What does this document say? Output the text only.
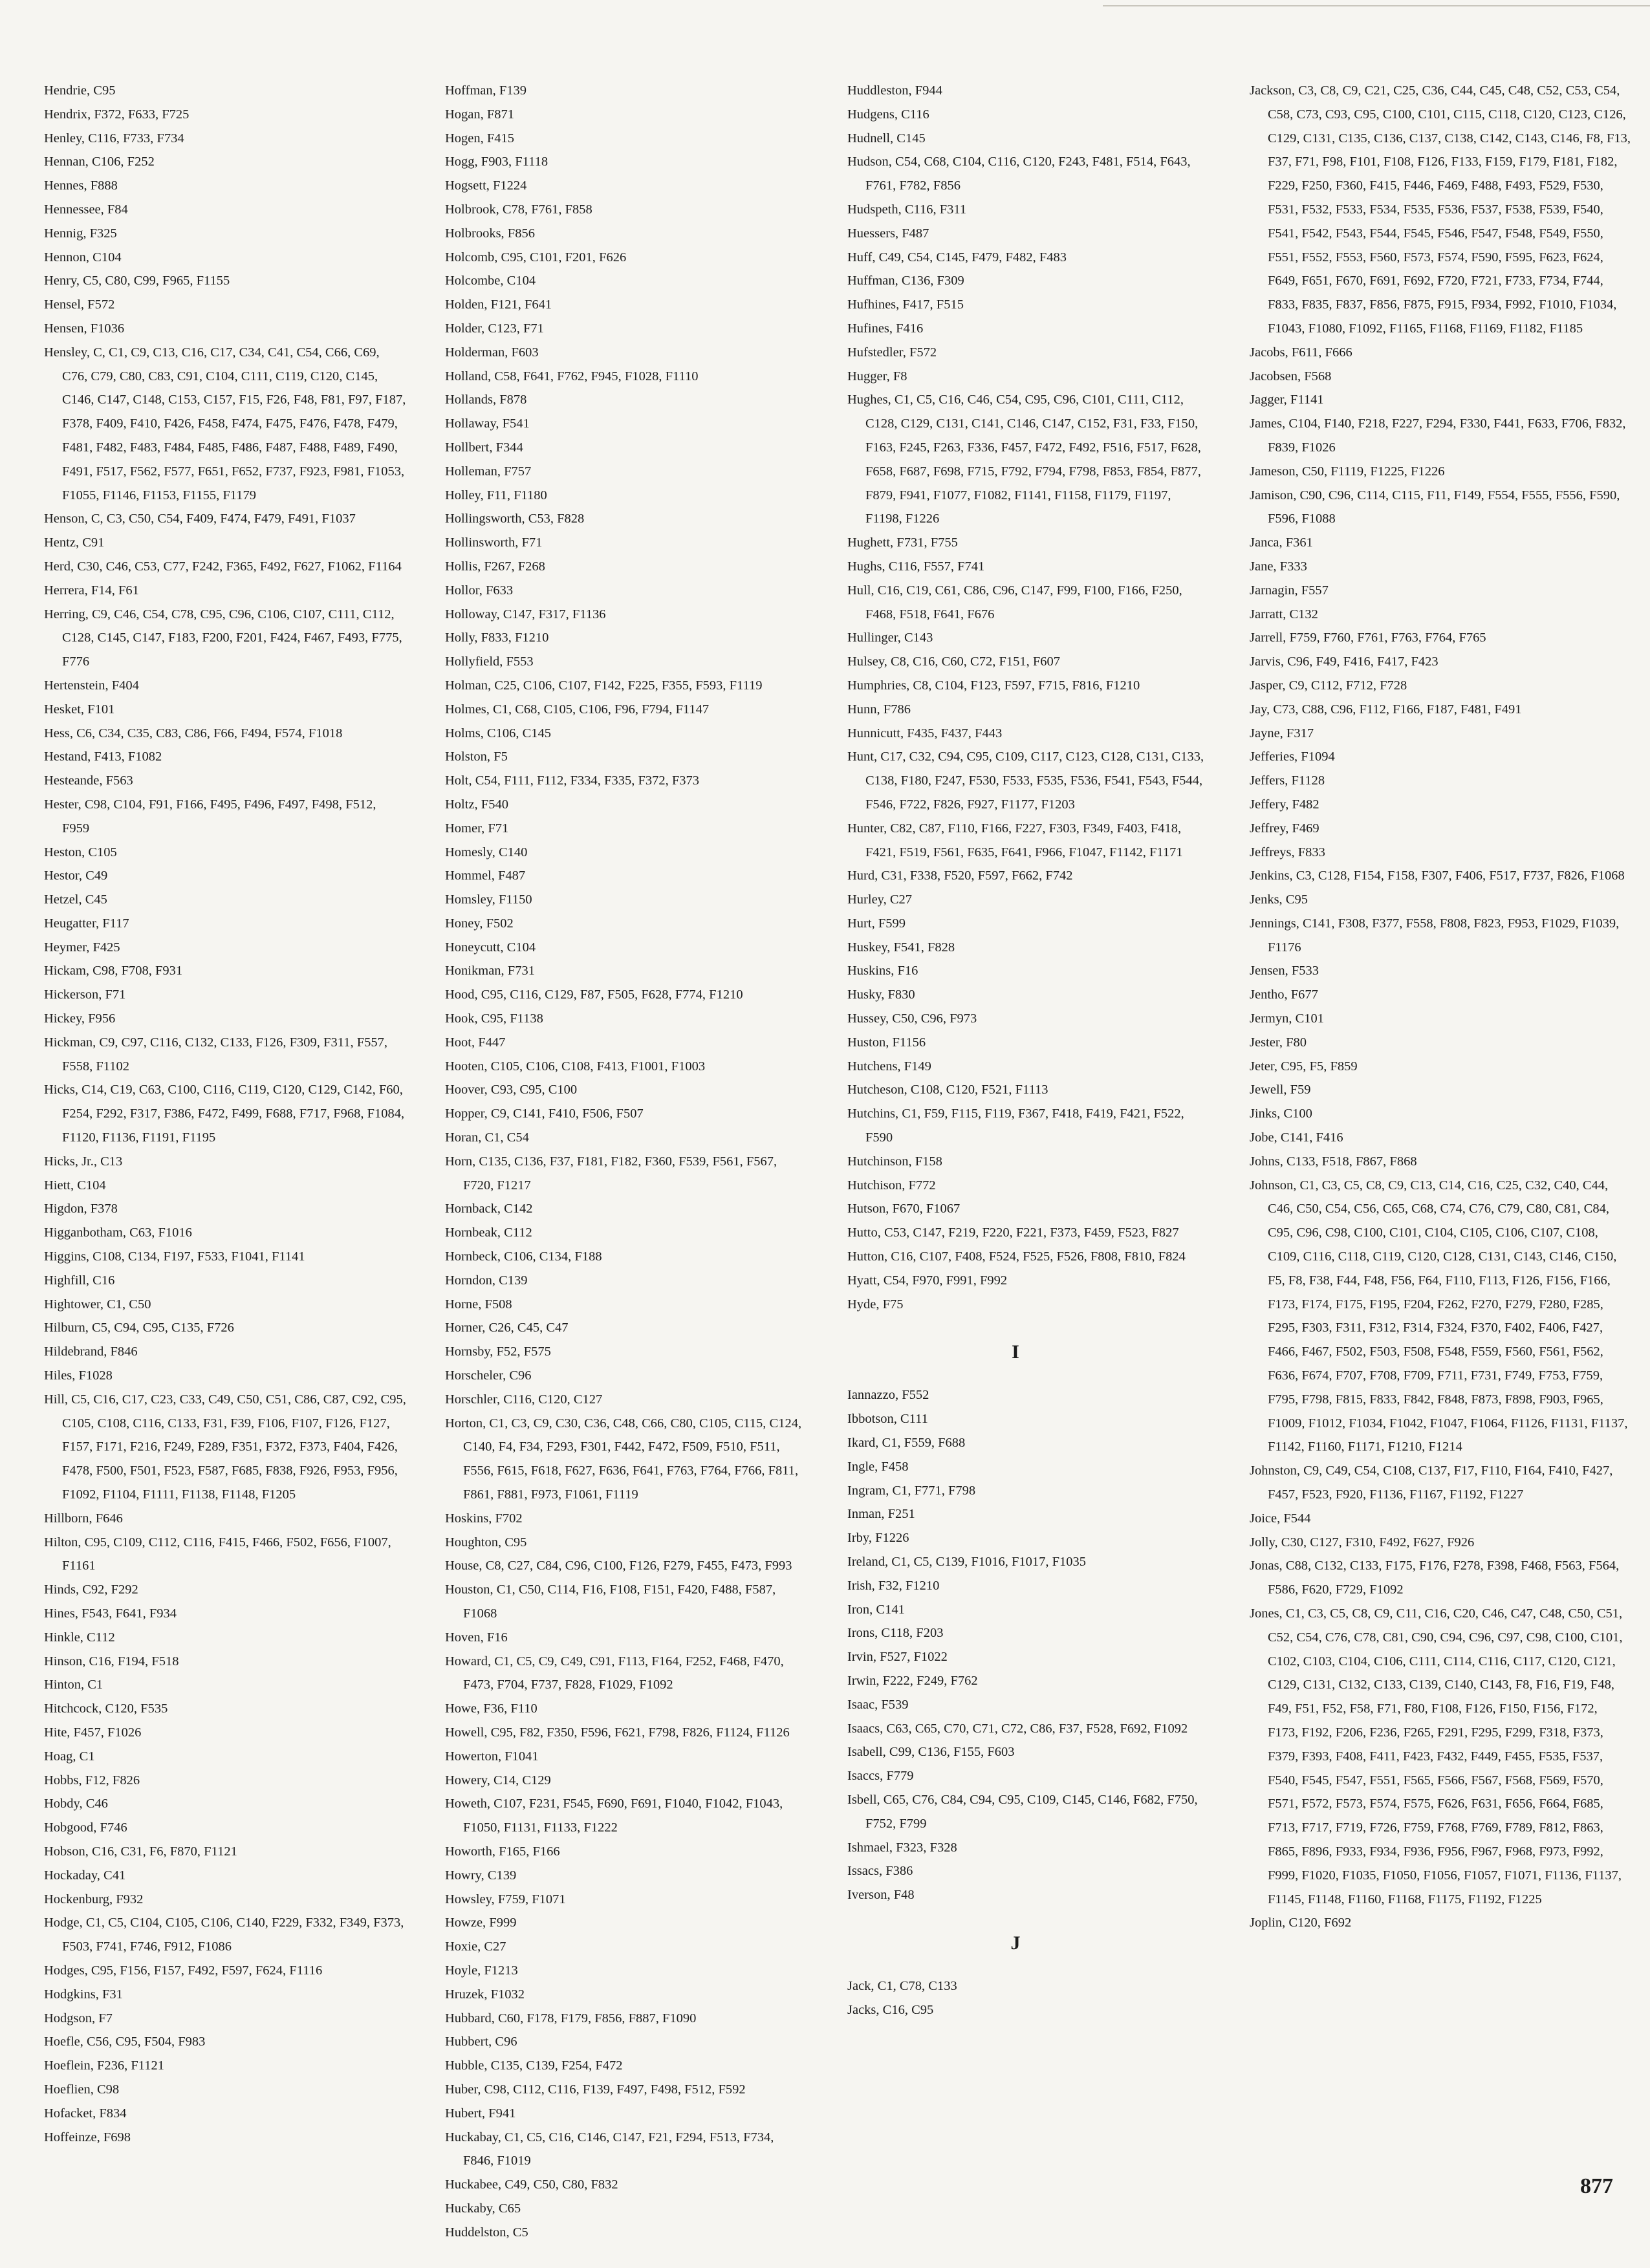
Hendrie, C95
Hendrix, F372, F633, F725
Henley, C116, F733, F734
Hennan, C106, F252
Hennes, F888
Hennessee, F84
Hennig, F325
Hennon, C104
Henry, C5, C80, C99, F965, F1155
Hensel, F572
Hensen, F1036
Hensley, C, C1, C9, C13, C16, C17, C34, C41, C54, C66, C69, C76, C79, C80, C83, C91, C104, C111, C119, C120, C145, C146, C147, C148, C153, C157, F15, F26, F48, F81, F97, F187, F378, F409, F410, F426, F458, F474, F475, F476, F478, F479, F481, F482, F483, F484, F485, F486, F487, F488, F489, F490, F491, F517, F562, F577, F651, F652, F737, F923, F981, F1053, F1055, F1146, F1153, F1155, F1179
Henson, C, C3, C50, C54, F409, F474, F479, F491, F1037
Hentz, C91
Herd, C30, C46, C53, C77, F242, F365, F492, F627, F1062, F1164
Herrera, F14, F61
Herring, C9, C46, C54, C78, C95, C96, C106, C107, C111, C112, C128, C145, C147, F183, F200, F201, F424, F467, F493, F775, F776
Hertenstein, F404
Hesket, F101
Hess, C6, C34, C35, C83, C86, F66, F494, F574, F1018
Hestand, F413, F1082
Hesteande, F563
Hester, C98, C104, F91, F166, F495, F496, F497, F498, F512, F959
Heston, C105
Hestor, C49
Hetzel, C45
Heugatter, F117
Heymer, F425
Hickam, C98, F708, F931
Hickerson, F71
Hickey, F956
Hickman, C9, C97, C116, C132, C133, F126, F309, F311, F557, F558, F1102
Hicks, C14, C19, C63, C100, C116, C119, C120, C129, C142, F60, F254, F292, F317, F386, F472, F499, F688, F717, F968, F1084, F1120, F1136, F1191, F1195
Hicks, Jr., C13
Hiett, C104
Higdon, F378
Higganbotham, C63, F1016
Higgins, C108, C134, F197, F533, F1041, F1141
Highfill, C16
Hightower, C1, C50
Hilburn, C5, C94, C95, C135, F726
Hildebrand, F846
Hiles, F1028
Hill, C5, C16, C17, C23, C33, C49, C50, C51, C86, C87, C92, C95, C105, C108, C116, C133, F31, F39, F106, F107, F126, F127, F157, F171, F216, F249, F289, F351, F372, F373, F404, F426, F478, F500, F501, F523, F587, F685, F838, F926, F953, F956, F1092, F1104, F1111, F1138, F1148, F1205
Hillborn, F646
Hilton, C95, C109, C112, C116, F415, F466, F502, F656, F1007, F1161
Hinds, C92, F292
Hines, F543, F641, F934
Hinkle, C112
Hinson, C16, F194, F518
Hinton, C1
Hitchcock, C120, F535
Hite, F457, F1026
Hoag, C1
Hobbs, F12, F826
Hobdy, C46
Hobgood, F746
Hobson, C16, C31, F6, F870, F1121
Hockaday, C41
Hockenburg, F932
Hodge, C1, C5, C104, C105, C106, C140, F229, F332, F349, F373, F503, F741, F746, F912, F1086
Hodges, C95, F156, F157, F492, F597, F624, F1116
Hodgkins, F31
Hodgson, F7
Hoefle, C56, C95, F504, F983
Hoeflein, F236, F1121
Hoeflien, C98
Hofacket, F834
Hoffeinze, F698
Hoffman, F139
Hogan, F871
Hogen, F415
Hogg, F903, F1118
Hogsett, F1224
Holbrook, C78, F761, F858
Holbrooks, F856
Holcomb, C95, C101, F201, F626
Holcombe, C104
Holden, F121, F641
Holder, C123, F71
Holderman, F603
Holland, C58, F641, F762, F945, F1028, F1110
Hollands, F878
Hollaway, F541
Hollbert, F344
Holleman, F757
Holley, F11, F1180
Hollingsworth, C53, F828
Hollinsworth, F71
Hollis, F267, F268
Hollor, F633
Holloway, C147, F317, F1136
Holly, F833, F1210
Hollyfield, F553
Holman, C25, C106, C107, F142, F225, F355, F593, F1119
Holmes, C1, C68, C105, C106, F96, F794, F1147
Holms, C106, C145
Holston, F5
Holt, C54, F111, F112, F334, F335, F372, F373
Holtz, F540
Homer, F71
Homesly, C140
Hommel, F487
Homsley, F1150
Honey, F502
Honeycutt, C104
Honikman, F731
Hood, C95, C116, C129, F87, F505, F628, F774, F1210
Hook, C95, F1138
Hoot, F447
Hooten, C105, C106, C108, F413, F1001, F1003
Hoover, C93, C95, C100
Hopper, C9, C141, F410, F506, F507
Horan, C1, C54
Horn, C135, C136, F37, F181, F182, F360, F539, F561, F567, F720, F1217
Hornback, C142
Hornbeak, C112
Hornbeck, C106, C134, F188
Horndon, C139
Horne, F508
Horner, C26, C45, C47
Hornsby, F52, F575
Horscheler, C96
Horschler, C116, C120, C127
Horton, C1, C3, C9, C30, C36, C48, C66, C80, C105, C115, C124, C140, F4, F34, F293, F301, F442, F472, F509, F510, F511, F556, F615, F618, F627, F636, F641, F763, F764, F766, F811, F861, F881, F973, F1061, F1119
Hoskins, F702
Houghton, C95
House, C8, C27, C84, C96, C100, F126, F279, F455, F473, F993
Houston, C1, C50, C114, F16, F108, F151, F420, F488, F587, F1068
Hoven, F16
Howard, C1, C5, C9, C49, C91, F113, F164, F252, F468, F470, F473, F704, F737, F828, F1029, F1092
Howe, F36, F110
Howell, C95, F82, F350, F596, F621, F798, F826, F1124, F1126
Howerton, F1041
Howery, C14, C129
Howeth, C107, F231, F545, F690, F691, F1040, F1042, F1043, F1050, F1131, F1133, F1222
Howorth, F165, F166
Howry, C139
Howsley, F759, F1071
Howze, F999
Hoxie, C27
Hoyle, F1213
Hruzek, F1032
Hubbard, C60, F178, F179, F856, F887, F1090
Hubbert, C96
Hubble, C135, C139, F254, F472
Huber, C98, C112, C116, F139, F497, F498, F512, F592
Hubert, F941
Huckabay, C1, C5, C16, C146, C147, F21, F294, F513, F734, F846, F1019
Huckabee, C49, C50, C80, F832
Huckaby, C65
Huddelston, C5
Huddleston, F944
Hudgens, C116
Hudnell, C145
Hudson, C54, C68, C104, C116, C120, F243, F481, F514, F643, F761, F782, F856
Hudspeth, C116, F311
Huessers, F487
Huff, C49, C54, C145, F479, F482, F483
Huffman, C136, F309
Hufhines, F417, F515
Hufines, F416
Hufstedler, F572
Hugger, F8
Hughes, C1, C5, C16, C46, C54, C95, C96, C101, C111, C112, C128, C129, C131, C141, C146, C147, C152, F31, F33, F150, F163, F245, F263, F336, F457, F472, F492, F516, F517, F628, F658, F687, F698, F715, F792, F794, F798, F853, F854, F877, F879, F941, F1077, F1082, F1141, F1158, F1179, F1197, F1198, F1226
Hughett, F731, F755
Hughs, C116, F557, F741
Hull, C16, C19, C61, C86, C96, C147, F99, F100, F166, F250, F468, F518, F641, F676
Hullinger, C143
Hulsey, C8, C16, C60, C72, F151, F607
Humphries, C8, C104, F123, F597, F715, F816, F1210
Hunn, F786
Hunnicutt, F435, F437, F443
Hunt, C17, C32, C94, C95, C109, C117, C123, C128, C131, C133, C138, F180, F247, F530, F533, F535, F536, F541, F543, F544, F546, F722, F826, F927, F1177, F1203
Hunter, C82, C87, F110, F166, F227, F303, F349, F403, F418, F421, F519, F561, F635, F641, F966, F1047, F1142, F1171
Hurd, C31, F338, F520, F597, F662, F742
Hurley, C27
Hurt, F599
Huskey, F541, F828
Huskins, F16
Husky, F830
Hussey, C50, C96, F973
Huston, F1156
Hutchens, F149
Hutcheson, C108, C120, F521, F1113
Hutchins, C1, F59, F115, F119, F367, F418, F419, F421, F522, F590
Hutchinson, F158
Hutchison, F772
Hutson, F670, F1067
Hutto, C53, C147, F219, F220, F221, F373, F459, F523, F827
Hutton, C16, C107, F408, F524, F525, F526, F808, F810, F824
Hyatt, C54, F970, F991, F992
Hyde, F75
I
Iannazzo, F552
Ibbotson, C111
Ikard, C1, F559, F688
Ingle, F458
Ingram, C1, F771, F798
Inman, F251
Irby, F1226
Ireland, C1, C5, C139, F1016, F1017, F1035
Irish, F32, F1210
Iron, C141
Irons, C118, F203
Irvin, F527, F1022
Irwin, F222, F249, F762
Isaac, F539
Isaacs, C63, C65, C70, C71, C72, C86, F37, F528, F692, F1092
Isabell, C99, C136, F155, F603
Isaccs, F779
Isbell, C65, C76, C84, C94, C95, C109, C145, C146, F682, F750, F752, F799
Ishmael, F323, F328
Issacs, F386
Iverson, F48
J
Jack, C1, C78, C133
Jacks, C16, C95
Jackson, C3, C8, C9, C21, C25, C36, C44, C45, C48, C52, C53, C54, C58, C73, C93, C95, C100, C101, C115, C118, C120, C123, C126, C129, C131, C135, C136, C137, C138, C142, C143, C146, F8, F13, F37, F71, F98, F101, F108, F126, F133, F159, F179, F181, F182, F229, F250, F360, F415, F446, F469, F488, F493, F529, F530, F531, F532, F533, F534, F535, F536, F537, F538, F539, F540, F541, F542, F543, F544, F545, F546, F547, F548, F549, F550, F551, F552, F553, F560, F573, F574, F590, F595, F623, F624, F649, F651, F670, F691, F692, F720, F721, F733, F734, F744, F833, F835, F837, F856, F875, F915, F934, F992, F1010, F1034, F1043, F1080, F1092, F1165, F1168, F1169, F1182, F1185
Jacobs, F611, F666
Jacobsen, F568
Jagger, F1141
James, C104, F140, F218, F227, F294, F330, F441, F633, F706, F832, F839, F1026
Jameson, C50, F1119, F1225, F1226
Jamison, C90, C96, C114, C115, F11, F149, F554, F555, F556, F590, F596, F1088
Janca, F361
Jane, F333
Jarnagin, F557
Jarratt, C132
Jarrell, F759, F760, F761, F763, F764, F765
Jarvis, C96, F49, F416, F417, F423
Jasper, C9, C112, F712, F728
Jay, C73, C88, C96, F112, F166, F187, F481, F491
Jayne, F317
Jefferies, F1094
Jeffers, F1128
Jeffery, F482
Jeffrey, F469
Jeffreys, F833
Jenkins, C3, C128, F154, F158, F307, F406, F517, F737, F826, F1068
Jenks, C95
Jennings, C141, F308, F377, F558, F808, F823, F953, F1029, F1039, F1176
Jensen, F533
Jentho, F677
Jermyn, C101
Jester, F80
Jeter, C95, F5, F859
Jewell, F59
Jinks, C100
Jobe, C141, F416
Johns, C133, F518, F867, F868
Johnson, C1, C3, C5, C8, C9, C13, C14, C16, C25, C32, C40, C44, C46, C50, C54, C56, C65, C68, C74, C76, C79, C80, C81, C84, C95, C96, C98, C100, C101, C104, C105, C106, C107, C108, C109, C116, C118, C119, C120, C128, C131, C143, C146, C150, F5, F8, F38, F44, F48, F56, F64, F110, F113, F126, F156, F166, F173, F174, F175, F195, F204, F262, F270, F279, F280, F285, F295, F303, F311, F312, F314, F324, F370, F402, F406, F427, F466, F467, F502, F503, F508, F548, F559, F560, F561, F562, F636, F674, F707, F708, F709, F711, F731, F749, F753, F759, F795, F798, F815, F833, F842, F848, F873, F898, F903, F965, F1009, F1012, F1034, F1042, F1047, F1064, F1126, F1131, F1137, F1142, F1160, F1171, F1210, F1214
Johnston, C9, C49, C54, C108, C137, F17, F110, F164, F410, F427, F457, F523, F920, F1136, F1167, F1192, F1227
Joice, F544
Jolly, C30, C127, F310, F492, F627, F926
Jonas, C88, C132, C133, F175, F176, F278, F398, F468, F563, F564, F586, F620, F729, F1092
Jones, C1, C3, C5, C8, C9, C11, C16, C20, C46, C47, C48, C50, C51, C52, C54, C76, C78, C81, C90, C94, C96, C97, C98, C100, C101, C102, C103, C104, C106, C111, C114, C116, C117, C120, C121, C129, C131, C132, C133, C139, C140, C143, F8, F16, F19, F48, F49, F51, F52, F58, F71, F80, F108, F126, F150, F156, F172, F173, F192, F206, F236, F265, F291, F295, F299, F318, F373, F379, F393, F408, F411, F423, F432, F449, F455, F535, F537, F540, F545, F547, F551, F565, F566, F567, F568, F569, F570, F571, F572, F573, F574, F575, F626, F631, F656, F664, F685, F713, F717, F719, F726, F759, F768, F769, F789, F812, F863, F865, F896, F933, F934, F936, F956, F967, F968, F973, F992, F999, F1020, F1035, F1050, F1056, F1057, F1071, F1136, F1137, F1145, F1148, F1160, F1168, F1175, F1192, F1225
Joplin, C120, F692
877
